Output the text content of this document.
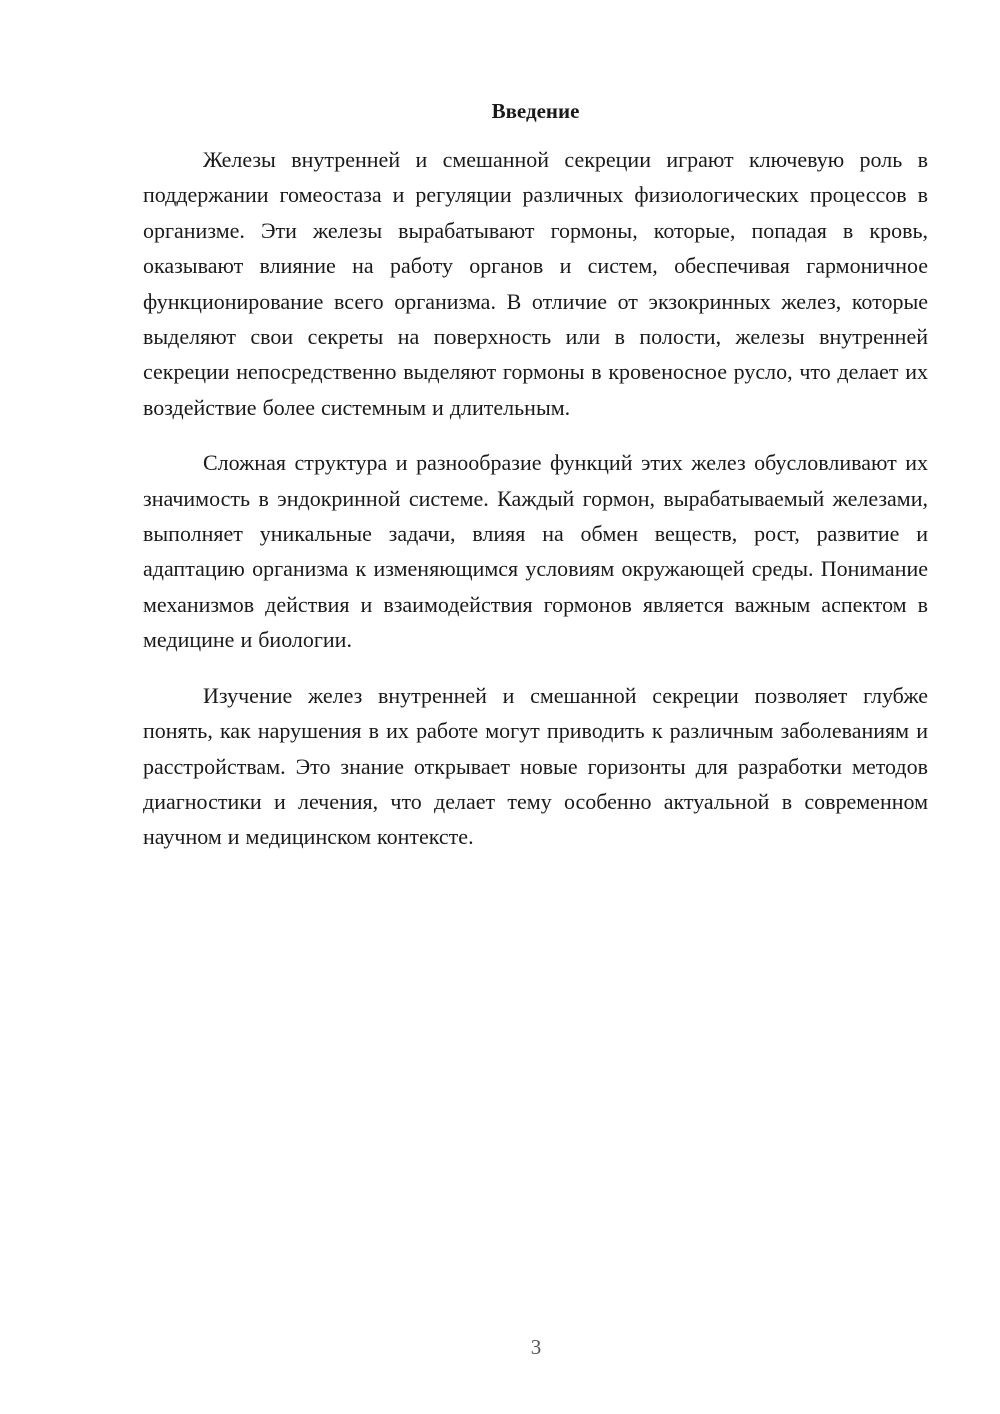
Введение

Железы внутренней и смешанной секреции играют ключевую роль в поддержании гомеостаза и регуляции различных физиологических процессов в организме. Эти железы вырабатывают гормоны, которые, попадая в кровь, оказывают влияние на работу органов и систем, обеспечивая гармоничное функционирование всего организма. В отличие от экзокринных желез, которые выделяют свои секреты на поверхность или в полости, железы внутренней секреции непосредственно выделяют гормоны в кровеносное русло, что делает их воздействие более системным и длительным.

Сложная структура и разнообразие функций этих желез обусловливают их значимость в эндокринной системе. Каждый гормон, вырабатываемый железами, выполняет уникальные задачи, влияя на обмен веществ, рост, развитие и адаптацию организма к изменяющимся условиям окружающей среды. Понимание механизмов действия и взаимодействия гормонов является важным аспектом в медицине и биологии.

Изучение желез внутренней и смешанной секреции позволяет глубже понять, как нарушения в их работе могут приводить к различным заболеваниям и расстройствам. Это знание открывает новые горизонты для разработки методов диагностики и лечения, что делает тему особенно актуальной в современном научном и медицинском контексте.

3
